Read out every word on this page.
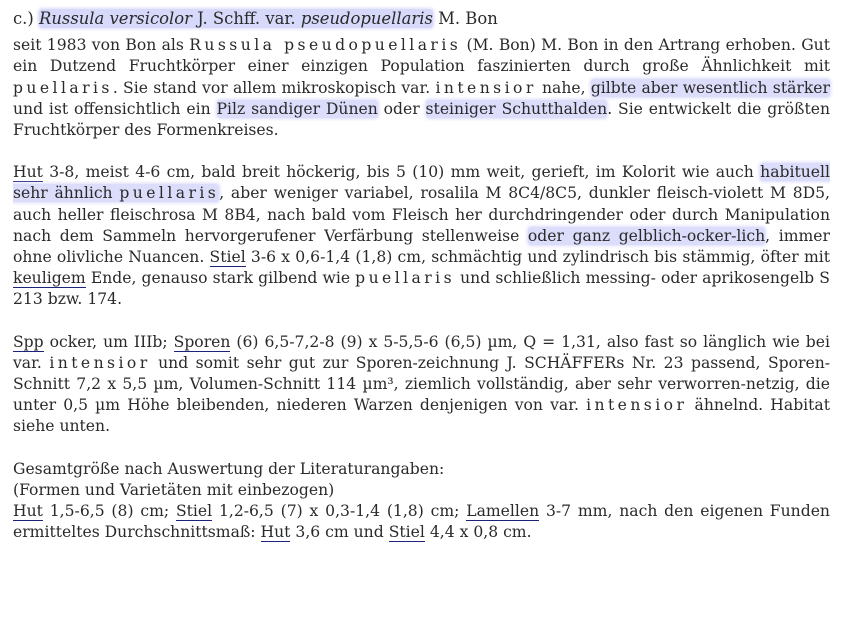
c.) Russula versicolor J. Schff. var. pseudopuellaris M. Bon

seit 1983 von Bon als Russula pseudopuellaris (M. Bon) M. Bon in den Artrang erhoben. Gut ein Dutzend Fruchtkörper einer einzigen Population faszinierten durch große Ähnlichkeit mit puellaris. Sie stand vor allem mikroskopisch var. intensior nahe, gilbte aber wesentlich stärker und ist offensichtlich ein Pilz sandiger Dünen oder steiniger Schutthalden. Sie entwickelt die größten Fruchtkörper des Formenkreises.

Hut 3-8, meist 4-6 cm, bald breit höckerig, bis 5 (10) mm weit, gerieft, im Kolorit wie auch habituell sehr ähnlich puellaris, aber weniger variabel, rosalila M 8C4/8C5, dunkler fleisch-violett M 8D5, auch heller fleischrosa M 8B4, nach bald vom Fleisch her durchdringender oder durch Manipulation nach dem Sammeln hervorgerufener Verfärbung stellenweise oder ganz gelblich-ocker-lich, immer ohne olivliche Nuancen. Stiel 3-6 x 0,6-1,4 (1,8) cm, schmächtig und zylindrisch bis stämmig, öfter mit keuligem Ende, genauso stark gilbend wie puellaris und schließlich messing- oder aprikosengelb S 213 bzw. 174.

Spp ocker, um IIIb; Sporen (6) 6,5-7,2-8 (9) x 5-5,5-6 (6,5) µm, Q = 1,31, also fast so länglich wie bei var. intensior und somit sehr gut zur Sporen-zeichnung J. SCHÄFFERs Nr. 23 passend, Sporen-Schnitt 7,2 x 5,5 µm, Volumen-Schnitt 114 µm³, ziemlich vollständig, aber sehr verworren-netzig, die unter 0,5 µm Höhe bleibenden, niederen Warzen denjenigen von var. intensior ähnelnd. Habitat siehe unten.

Gesamtgröße nach Auswertung der Literaturangaben:
(Formen und Varietäten mit einbezogen)
Hut 1,5-6,5 (8) cm; Stiel 1,2-6,5 (7) x 0,3-1,4 (1,8) cm; Lamellen 3-7 mm, nach den eigenen Funden ermitteltes Durchschnittsmaß: Hut 3,6 cm und Stiel 4,4 x 0,8 cm.
